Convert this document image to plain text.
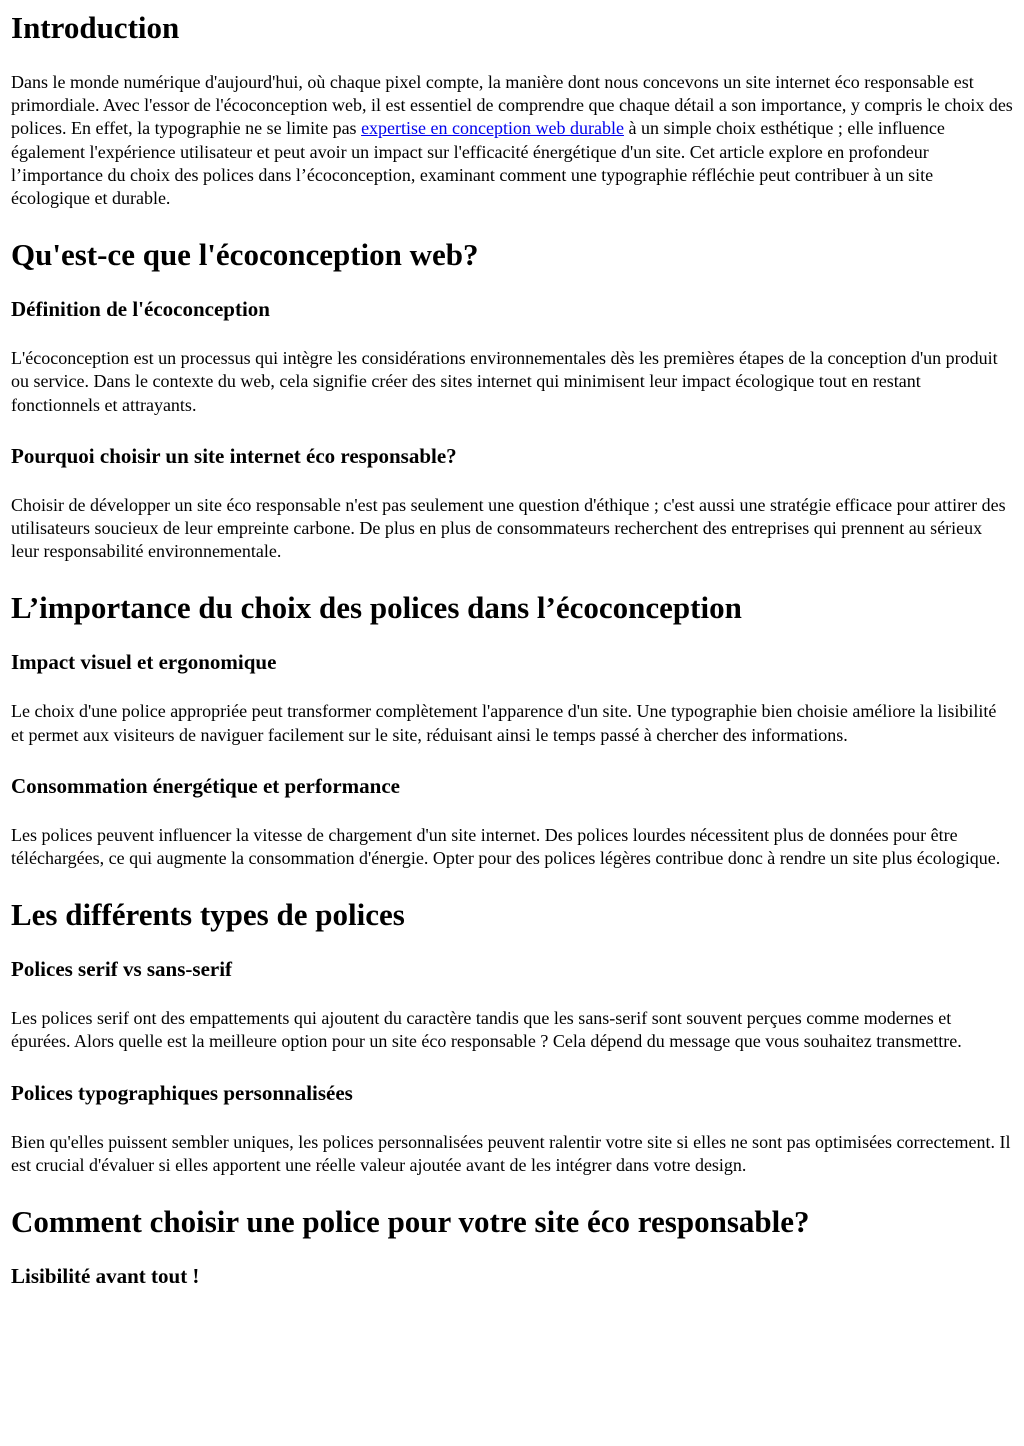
Introduction

Dans le monde numérique d'aujourd'hui, où chaque pixel compte, la manière dont nous concevons un site internet éco responsable est primordiale. Avec l'essor de l'écoconception web, il est essentiel de comprendre que chaque détail a son importance, y compris le choix des polices. En effet, la typographie ne se limite pas expertise en conception web durable à un simple choix esthétique ; elle influence également l'expérience utilisateur et peut avoir un impact sur l'efficacité énergétique d'un site. Cet article explore en profondeur l’importance du choix des polices dans l’écoconception, examinant comment une typographie réfléchie peut contribuer à un site écologique et durable.

Qu'est-ce que l'écoconception web?
Définition de l'écoconception

L'écoconception est un processus qui intègre les considérations environnementales dès les premières étapes de la conception d'un produit ou service. Dans le contexte du web, cela signifie créer des sites internet qui minimisent leur impact écologique tout en restant fonctionnels et attrayants.

Pourquoi choisir un site internet éco responsable?

Choisir de développer un site éco responsable n'est pas seulement une question d'éthique ; c'est aussi une stratégie efficace pour attirer des utilisateurs soucieux de leur empreinte carbone. De plus en plus de consommateurs recherchent des entreprises qui prennent au sérieux leur responsabilité environnementale.

L’importance du choix des polices dans l’écoconception
Impact visuel et ergonomique

Le choix d'une police appropriée peut transformer complètement l'apparence d'un site. Une typographie bien choisie améliore la lisibilité et permet aux visiteurs de naviguer facilement sur le site, réduisant ainsi le temps passé à chercher des informations.

Consommation énergétique et performance

Les polices peuvent influencer la vitesse de chargement d'un site internet. Des polices lourdes nécessitent plus de données pour être téléchargées, ce qui augmente la consommation d'énergie. Opter pour des polices légères contribue donc à rendre un site plus écologique.

Les différents types de polices
Polices serif vs sans-serif

Les polices serif ont des empattements qui ajoutent du caractère tandis que les sans-serif sont souvent perçues comme modernes et épurées. Alors quelle est la meilleure option pour un site éco responsable ? Cela dépend du message que vous souhaitez transmettre.

Polices typographiques personnalisées

Bien qu'elles puissent sembler uniques, les polices personnalisées peuvent ralentir votre site si elles ne sont pas optimisées correctement. Il est crucial d'évaluer si elles apportent une réelle valeur ajoutée avant de les intégrer dans votre design.

Comment choisir une police pour votre site éco responsable?
Lisibilité avant tout !
